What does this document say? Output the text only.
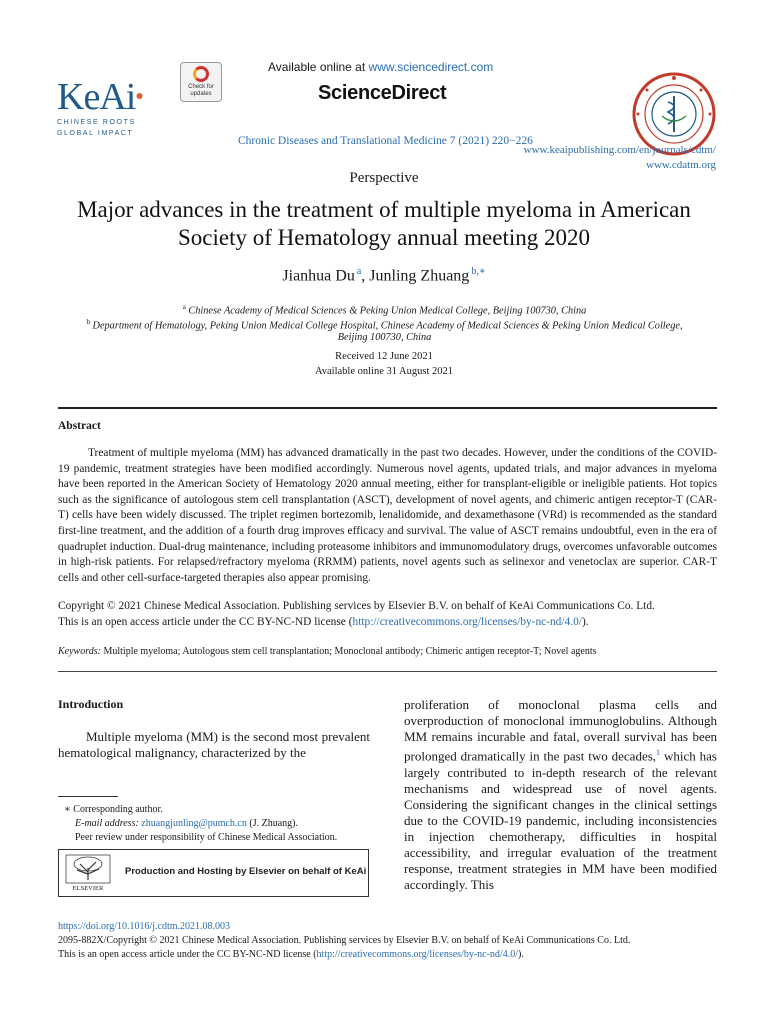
KeAi●
CHINESE ROOTS
GLOBAL IMPACT
Check for
updates
Available online at www.sciencedirect.com
ScienceDirect
Chronic Diseases and Translational Medicine 7 (2021) 220−226
www.keaipublishing.com/en/journals/cdtm/
www.cdatm.org
Perspective
Major advances in the treatment of multiple myeloma in American Society of Hematology annual meeting 2020
Jianhua Du  $^a$, Junling Zhuang  $^{b,∗}$
$^a$ Chinese Academy of Medical Sciences & Peking Union Medical College, Beijing 100730, China
$^b$ Department of Hematology, Peking Union Medical College Hospital, Chinese Academy of Medical Sciences & Peking Union Medical College,
Beijing 100730, China
Received 12 June 2021
Available online 31 August 2021
Abstract

Treatment of multiple myeloma (MM) has advanced dramatically in the past two decades. However, under the conditions of the COVID-19 pandemic, treatment strategies have been modified accordingly. Numerous novel agents, updated trials, and major advances in myeloma have been reported in the American Society of Hematology 2020 annual meeting, either for transplant-eligible or ineligible patients. Hot topics such as the significance of autologous stem cell transplantation (ASCT), development of novel agents, and chimeric antigen receptor-T (CAR-T) cells have been widely discussed. The triplet regimen bortezomib, lenalidomide, and dexamethasone (VRd) is recommended as the standard first-line treatment, and the addition of a fourth drug improves efficacy and survival. The value of ASCT remains undoubtful, even in the era of quadruplet induction. Dual-drug maintenance, including proteasome inhibitors and immunomodulatory drugs, overcomes unfavorable outcomes in high-risk patients. For relapsed/refractory myeloma (RRMM) patients, novel agents such as selinexor and venetoclax are superior. CAR-T cells and other cell-surface-targeted therapies also appear promising.

Copyright © 2021 Chinese Medical Association. Publishing services by Elsevier B.V. on behalf of KeAi Communications Co. Ltd.
This is an open access article under the CC BY-NC-ND license (http://creativecommons.org/licenses/by-nc-nd/4.0/).
Keywords: Multiple myeloma; Autologous stem cell transplantation; Monoclonal antibody; Chimeric antigen receptor-T; Novel agents
Introduction
Multiple myeloma (MM) is the second most prevalent hematological malignancy, characterized by the
proliferation of monoclonal plasma cells and overproduction of monoclonal immunoglobulins. Although MM remains incurable and fatal, overall survival has been prolonged dramatically in the past two decades,$^1$ which has largely contributed to in-depth research of the relevant mechanisms and widespread use of novel agents. Considering the significant changes in the clinical settings due to the COVID-19 pandemic, including inconsistencies in injection chemotherapy, difficulties in hospital accessibility, and irregular evaluation of the treatment response, treatment strategies in MM have been modified accordingly. This
∗ Corresponding author.
E-mail address: zhuangjunling@pumch.cn (J. Zhuang).
Peer review under responsibility of Chinese Medical Association.
ELSEVIER
Production and Hosting by Elsevier on behalf of KeAi
https://doi.org/10.1016/j.cdtm.2021.08.003
2095-882X/Copyright © 2021 Chinese Medical Association. Publishing services by Elsevier B.V. on behalf of KeAi Communications Co. Ltd.
This is an open access article under the CC BY-NC-ND license (http://creativecommons.org/licenses/by-nc-nd/4.0/).
